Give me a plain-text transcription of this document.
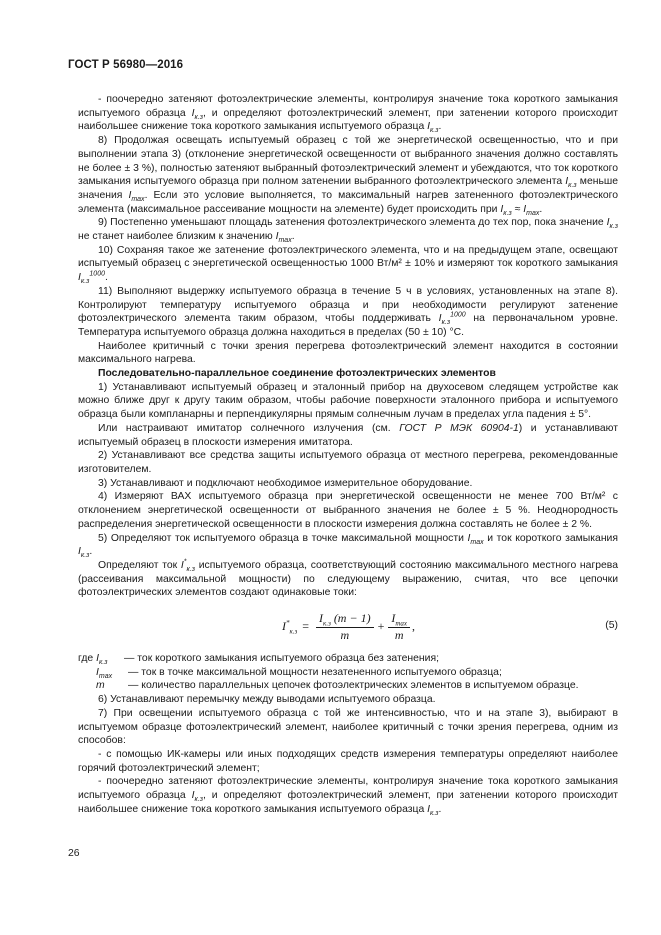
ГОСТ Р 56980—2016

- поочередно затеняют фотоэлектрические элементы, контролируя значение тока короткого замыкания испытуемого образца $I_{к.з}$, и определяют фотоэлектрический элемент, при затенении которого происходит наибольшее снижение тока короткого замыкания испытуемого образца $I_{к.з}$.

8) Продолжая освещать испытуемый образец с той же энергетической освещенностью, что и при выполнении этапа 3) (отклонение энергетической освещенности от выбранного значения должно составлять не более ± 3 %), полностью затеняют выбранный фотоэлектрический элемент и убеждаются, что ток короткого замыкания испытуемого образца при полном затенении выбранного фотоэлектрического элемента $I_{к.з}$ меньше значения $I_{max}$. Если это условие выполняется, то максимальный нагрев затененного фотоэлектрического элемента (максимальное рассеивание мощности на элементе) будет происходить при $I_{к.з} \approx I_{max}$.

9) Постепенно уменьшают площадь затенения фотоэлектрического элемента до тех пор, пока значение $I_{к.з}$ не станет наиболее близким к значению $I_{max}$.

10) Сохраняя такое же затенение фотоэлектрического элемента, что и на предыдущем этапе, освещают испытуемый образец с энергетической освещенностью 1000 Вт/м² ± 10% и измеряют ток короткого замыкания $I_{к.з}^{1000}$.

11) Выполняют выдержку испытуемого образца в течение 5 ч в условиях, установленных на этапе 8). Контролируют температуру испытуемого образца и при необходимости регулируют затенение фотоэлектрического элемента таким образом, чтобы поддерживать $I_{к.з}^{1000}$ на первоначальном уровне. Температура испытуемого образца должна находиться в пределах (50 ± 10) °С.

Наиболее критичный с точки зрения перегрева фотоэлектрический элемент находится в состоянии максимального нагрева.

Последовательно-параллельное соединение фотоэлектрических элементов

1) Устанавливают испытуемый образец и эталонный прибор на двухосевом следящем устройстве как можно ближе друг к другу таким образом, чтобы рабочие поверхности эталонного прибора и испытуемого образца были компланарны и перпендикулярны прямым солнечным лучам в пределах угла падения ± 5°.

Или настраивают имитатор солнечного излучения (см. ГОСТ Р МЭК 60904-1) и устанавливают испытуемый образец в плоскости измерения имитатора.

2) Устанавливают все средства защиты испытуемого образца от местного перегрева, рекомендованные изготовителем.

3) Устанавливают и подключают необходимое измерительное оборудование.

4) Измеряют ВАХ испытуемого образца при энергетической освещенности не менее 700 Вт/м² с отклонением энергетической освещенности от выбранного значения не более ± 5 %. Неоднородность распределения энергетической освещенности в плоскости измерения должна составлять не более ± 2 %.

5) Определяют ток испытуемого образца в точке максимальной мощности $I_{max}$ и ток короткого замыкания $I_{к.з}$.

Определяют ток $I^*_{к.з}$ испытуемого образца, соответствующий состоянию максимального местного нагрева (рассеивания максимальной мощности) по следующему выражению, считая, что все цепочки фотоэлектрических элементов создают одинаковые токи:

$I^*_{к.з} = \frac{I_{к.з} (m - 1)}{m} + \frac{I_{max}}{m}$ ,	(5)
где $I_{к.з}$	— ток короткого замыкания испытуемого образца без затенения;
$I_{max}$	— ток в точке максимальной мощности незатененного испытуемого образца;
m	— количество параллельных цепочек фотоэлектрических элементов в испытуемом образце.

6) Устанавливают перемычку между выводами испытуемого образца.

7) При освещении испытуемого образца с той же интенсивностью, что и на этапе 3), выбирают в испытуемом образце фотоэлектрический элемент, наиболее критичный с точки зрения перегрева, одним из способов:

- с помощью ИК-камеры или иных подходящих средств измерения температуры определяют наиболее горячий фотоэлектрический элемент;

- поочередно затеняют фотоэлектрические элементы, контролируя значение тока короткого замыкания испытуемого образца $I_{к.з}$, и определяют фотоэлектрический элемент, при затенении которого происходит наибольшее снижение тока короткого замыкания испытуемого образца $I_{к.з}$.

26
